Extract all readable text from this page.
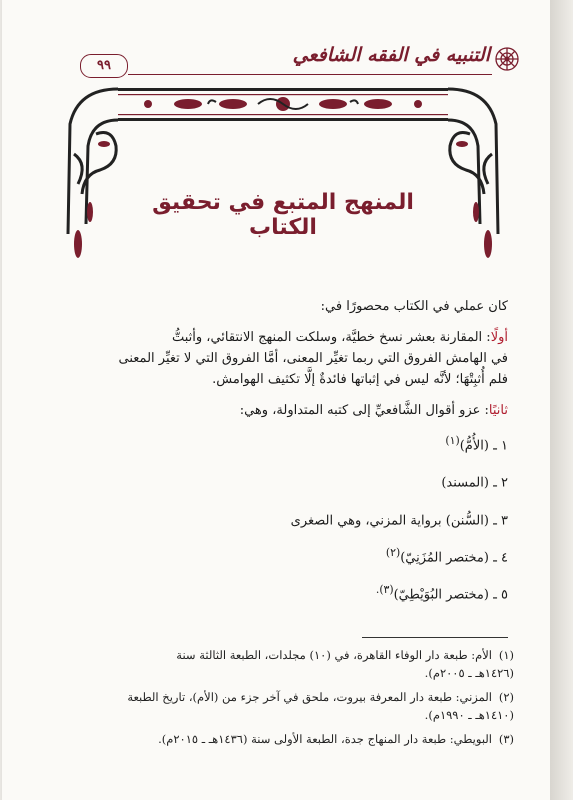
٩٩	التنبيه في الفقه الشافعي
المنهج المتبع في تحقيق الكتاب

كان عملي في الكتاب محصورًا في:

أولًا: المقارنة بعشر نسخ خطيَّة، وسلكت المنهج الانتقائي، وأثبتُّ

في الهامش الفروق التي ربما تغيِّر المعنى، أمَّا الفروق التي لا تغيِّر المعنى

فلم أُثبِتْهَا؛ لأنَّه ليس في إثباتها فائدةٌ إلَّا تكثيف الهوامش.

ثانيًا: عزو أقوال الشَّافعيِّ إلى كتبه المتداولة، وهي:

١ ـ (الأُمُّ)$^{(١)}$

٢ ـ (المسند)

٣ ـ (السُّنن) برواية المزني، وهي الصغرى

٤ ـ (مختصر المُزَنِيّ)$^{(٢)}$

٥ ـ (مختصر البُوَيْطِيّ)$^{(٣).}$

(١)الأم: طبعة دار الوفاء القاهرة، في (١٠) مجلدات، الطبعة الثالثة سنة
(١٤٢٦هـ ـ ٢٠٠٥م).

(٢)المزني: طبعة دار المعرفة بيروت، ملحق في آخر جزء من (الأم)، تاريخ الطبعة
(١٤١٠هـ ـ ١٩٩٠م).

(٣)البويطي: طبعة دار المنهاج جدة، الطبعة الأولى سنة (١٤٣٦هـ ـ ٢٠١٥م).
